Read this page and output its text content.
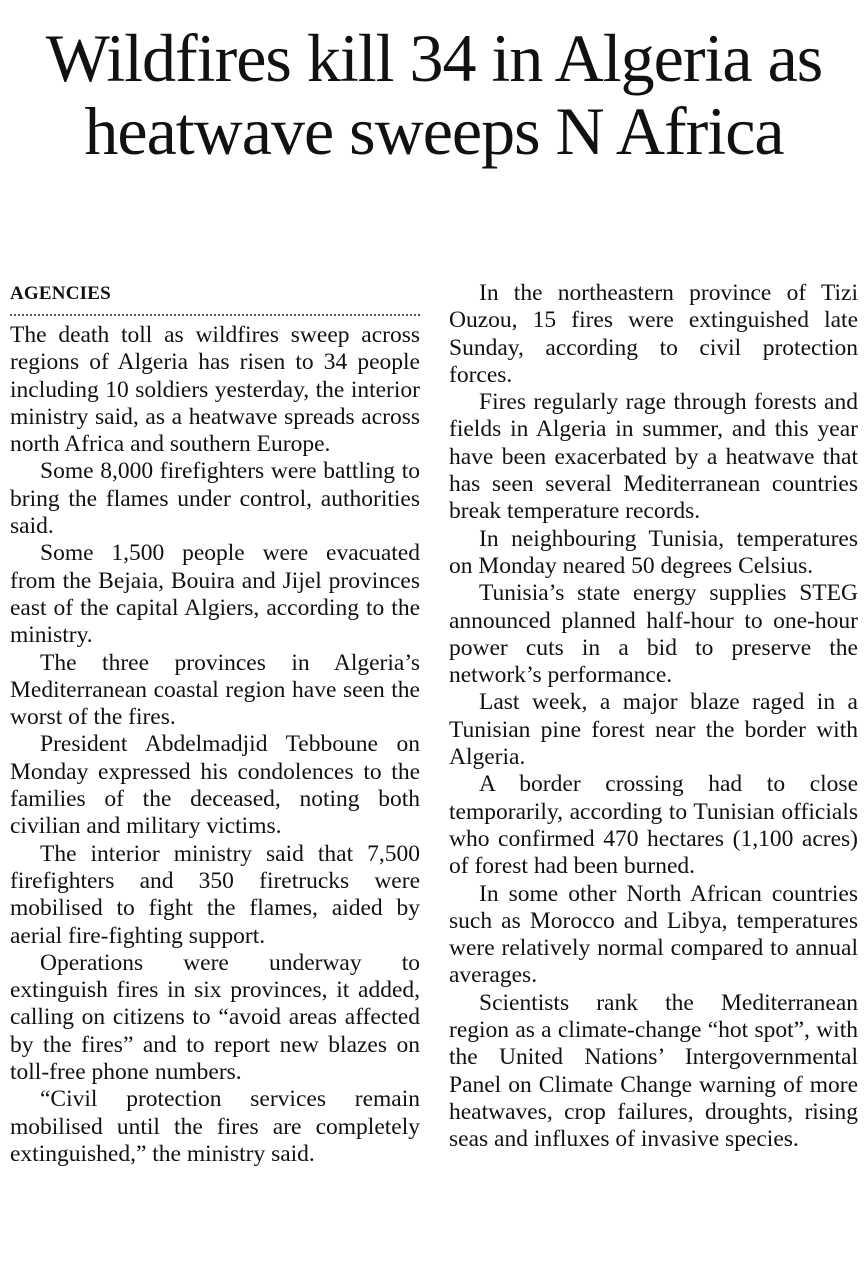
Wildfires kill 34 in Algeria as heatwave sweeps N Africa
AGENCIES

The death toll as wildfires sweep across regions of Algeria has risen to 34 people including 10 soldiers yesterday, the interior ministry said, as a heatwave spreads across north Africa and southern Europe.

Some 8,000 firefighters were battling to bring the flames under control, authorities said.

Some 1,500 people were evacuated from the Bejaia, Bouira and Jijel provinces east of the capital Algiers, according to the ministry.

The three provinces in Algeria’s Mediterranean coastal region have seen the worst of the fires.

President Abdelmadjid Tebboune on Monday expressed his condolences to the families of the deceased, noting both civilian and military victims.

The interior ministry said that 7,500 firefighters and 350 firetrucks were mobilised to fight the flames, aided by aerial fire-fighting support.

Operations were underway to extinguish fires in six provinces, it added, calling on citizens to “avoid areas affected by the fires” and to report new blazes on toll-free phone numbers.

“Civil protection services remain mobilised until the fires are completely extinguished,” the ministry said.

In the northeastern province of Tizi Ouzou, 15 fires were extinguished late Sunday, according to civil protection forces.

Fires regularly rage through forests and fields in Algeria in summer, and this year have been exacerbated by a heatwave that has seen several Mediterranean countries break temperature records.

In neighbouring Tunisia, temperatures on Monday neared 50 degrees Celsius.

Tunisia’s state energy supplies STEG announced planned half-hour to one-hour power cuts in a bid to preserve the network’s performance.

Last week, a major blaze raged in a Tunisian pine forest near the border with Algeria.

A border crossing had to close temporarily, according to Tunisian officials who confirmed 470 hectares (1,100 acres) of forest had been burned.

In some other North African countries such as Morocco and Libya, temperatures were relatively normal compared to annual averages.

Scientists rank the Mediterranean region as a climate-change “hot spot”, with the United Nations’ Intergovernmental Panel on Climate Change warning of more heatwaves, crop failures, droughts, rising seas and influxes of invasive species.
